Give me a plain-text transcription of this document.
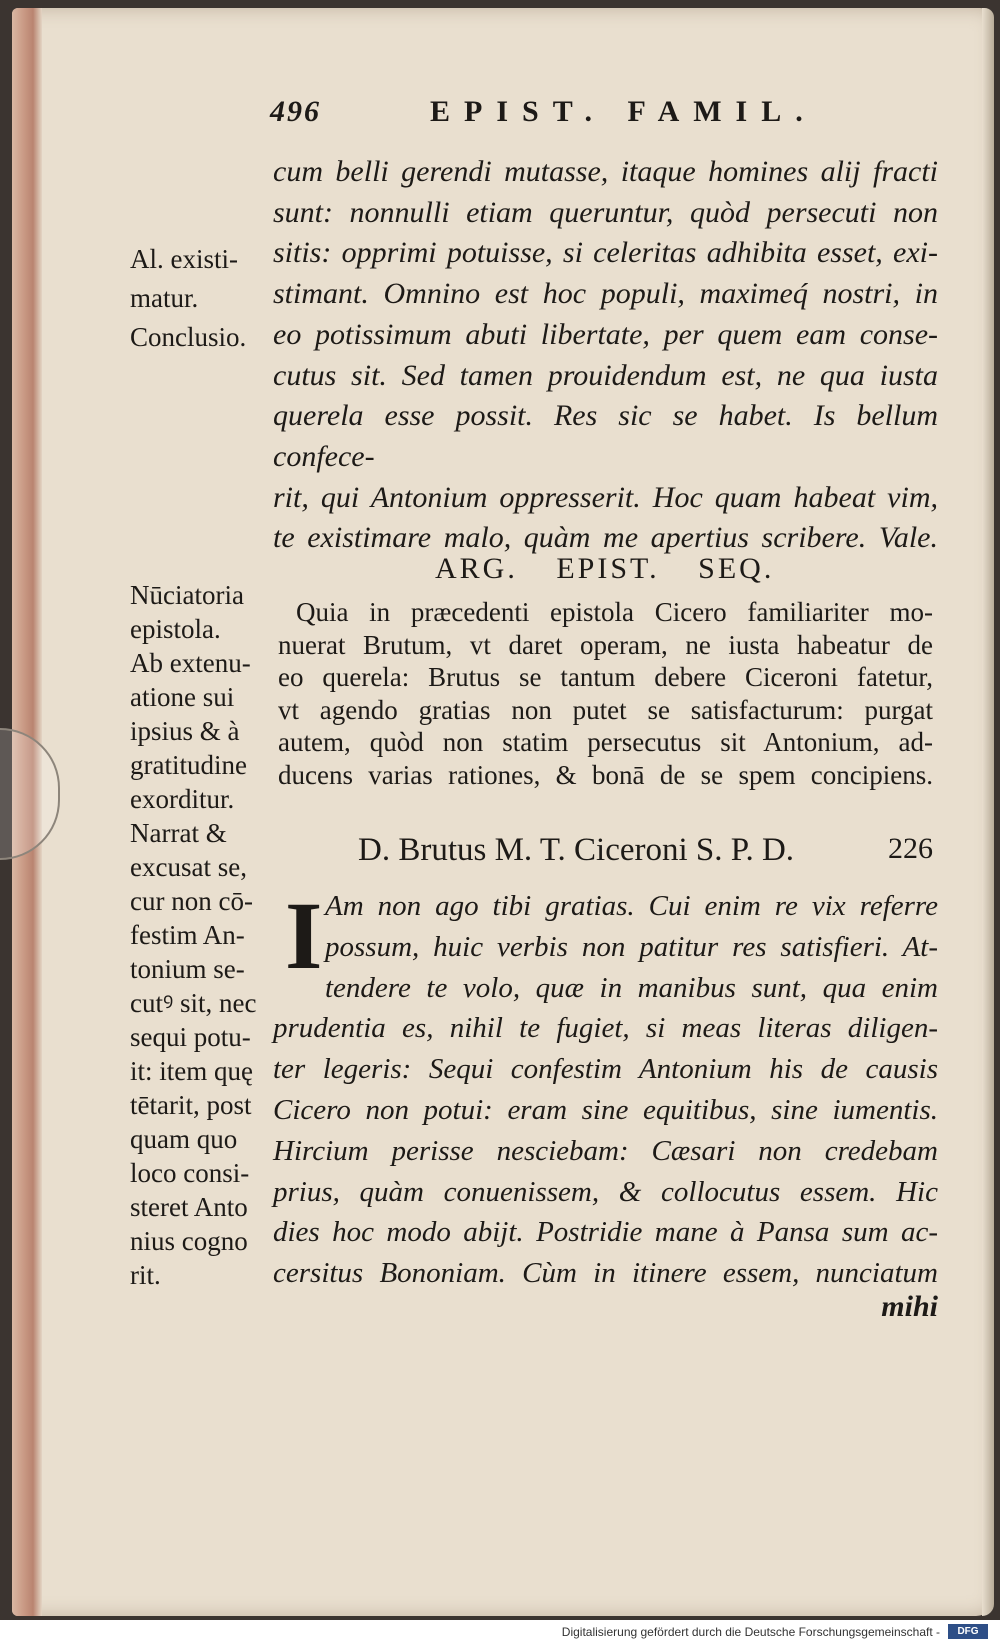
496	EPIST. FAMIL.
cum belli gerendi mutasse, itaque homines alij fracti
sunt: nonnulli etiam queruntur, quòd persecuti non
sitis: opprimi potuisse, si celeritas adhibita esset, exi-
stimant. Omnino est hoc populi, maximeq́ nostri, in
eo potissimum abuti libertate, per quem eam conse-
cutus sit. Sed tamen prouidendum est, ne qua iusta
querela esse possit. Res sic se habet. Is bellum confece-
rit, qui Antonium oppresserit. Hoc quam habeat vim,
te existimare malo, quàm me apertius scribere. Vale.
Al. existi-
matur.
Conclusio.
ARG. EPIST. SEQ.
Quia in præcedenti epistola Cicero familiariter mo-
nuerat Brutum, vt daret operam, ne iusta habeatur de
eo querela: Brutus se tantum debere Ciceroni fatetur,
vt agendo gratias non putet se satisfacturum: purgat
autem, quòd non statim persecutus sit Antonium, ad-
ducens varias rationes, & bonā de se spem concipiens.
Nūciatoria
epistola.
Ab extenu-
atione sui
ipsius & à
gratitudine
exorditur.
Narrat &
excusat se,
cur non cō-
festim An-
tonium se-
cutꝰ sit, nec
sequi potu-
it: item quę
tētarit, post
quam quo
loco consi-
steret Anto
nius cogno
rit.
D. Brutus M. T. Ciceroni S. P. D.	226
I Am non ago tibi gratias. Cui enim re vix referre
possum, huic verbis non patitur res satisfieri. At-
tendere te volo, quæ in manibus sunt, qua enim
prudentia es, nihil te fugiet, si meas literas diligen-
ter legeris: Sequi confestim Antonium his de causis
Cicero non potui: eram sine equitibus, sine iumentis.
Hircium perisse nesciebam: Cæsari non credebam
prius, quàm conuenissem, & collocutus essem. Hic
dies hoc modo abijt. Postridie mane à Pansa sum ac-
cersitus Bononiam. Cùm in itinere essem, nunciatum
mihi
Digitalisierung gefördert durch die Deutsche Forschungsgemeinschaft -	DFG
